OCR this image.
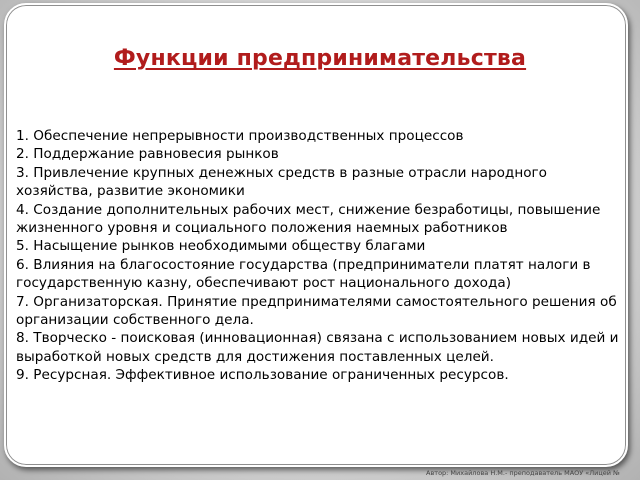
Функции предпринимательства

1. Обеспечение непрерывности производственных процессов

2. Поддержание равновесия рынков

3. Привлечение крупных денежных средств в разные отрасли народного хозяйства, развитие экономики

4. Создание дополнительных рабочих мест, снижение безработицы, повышение жизненного уровня и социального положения наемных работников

5. Насыщение рынков необходимыми обществу благами

6. Влияния на благосостояние государства (предприниматели платят налоги в государственную казну, обеспечивают рост национального дохода)

7. Организаторская. Принятие предпринимателями самостоятельного решения об организации собственного дела.

8. Творческо - поисковая (инновационная) связана с использованием новых идей и выработкой новых средств для достижения поставленных целей.

9. Ресурсная. Эффективное использование ограниченных ресурсов.

Автор: Михайлова Н.М.- преподаватель МАОУ «Лицей №
